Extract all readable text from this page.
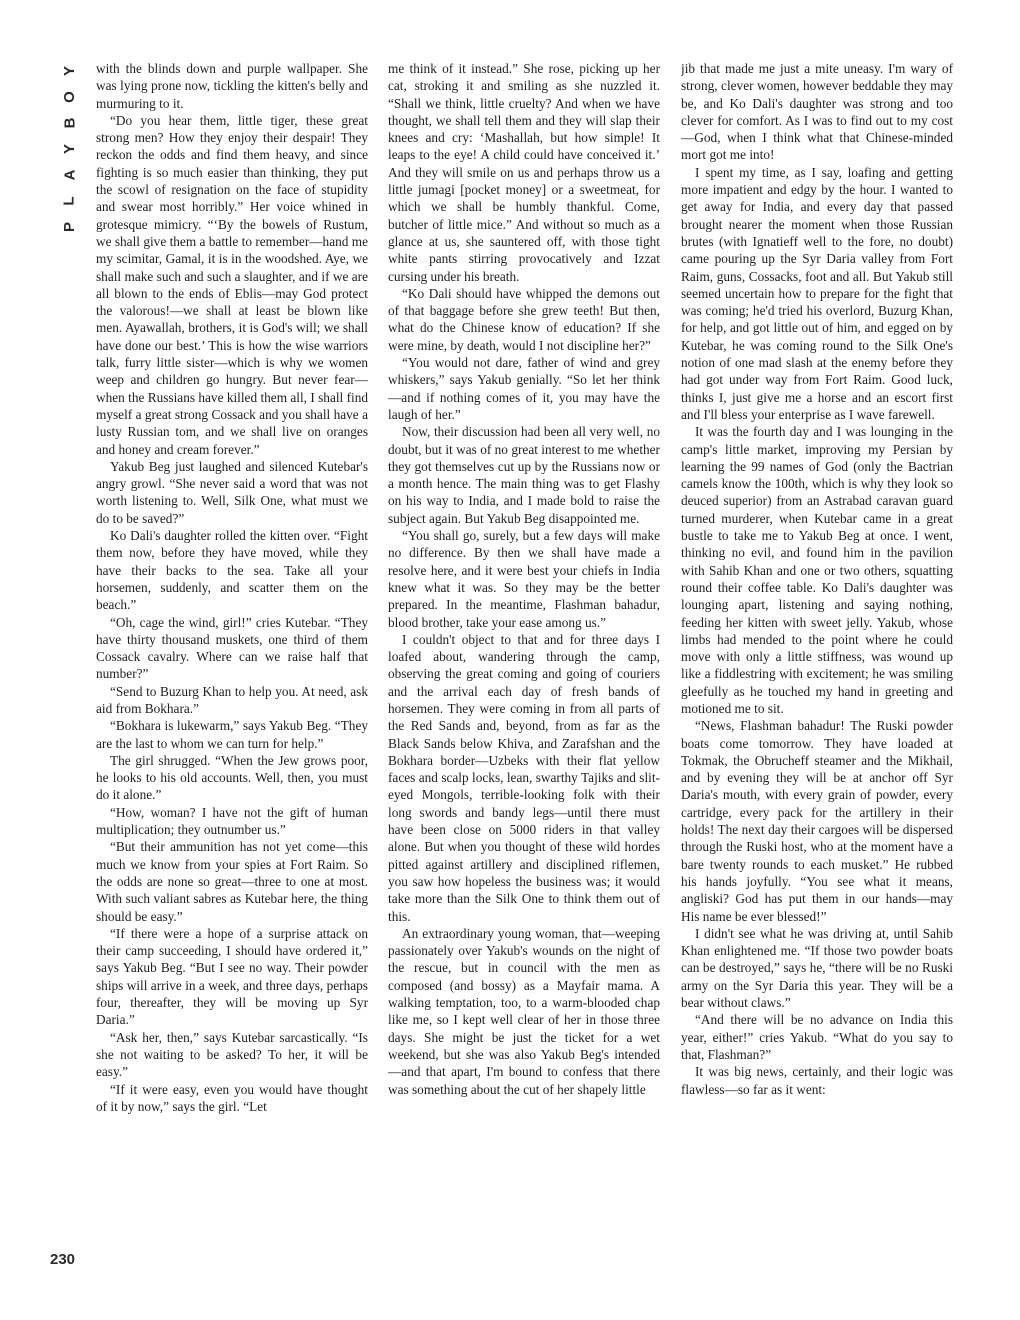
Y
O
B
Y
A
L
P
230

with the blinds down and purple wallpaper. She was lying prone now, tickling the kitten's belly and murmuring to it.

“Do you hear them, little tiger, these great strong men? How they enjoy their despair! They reckon the odds and find them heavy, and since fighting is so much easier than thinking, they put the scowl of resignation on the face of stupidity and swear most horribly.” Her voice whined in grotesque mimicry. “‘By the bowels of Rustum, we shall give them a battle to remember—hand me my scimitar, Gamal, it is in the woodshed. Aye, we shall make such and such a slaughter, and if we are all blown to the ends of Eblis—may God protect the valorous!—we shall at least be blown like men. Ayawallah, brothers, it is God's will; we shall have done our best.’ This is how the wise warriors talk, furry little sister—which is why we women weep and children go hungry. But never fear—when the Russians have killed them all, I shall find myself a great strong Cossack and you shall have a lusty Russian tom, and we shall live on oranges and honey and cream forever.”

Yakub Beg just laughed and silenced Kutebar's angry growl. “She never said a word that was not worth listening to. Well, Silk One, what must we do to be saved?”

Ko Dali's daughter rolled the kitten over. “Fight them now, before they have moved, while they have their backs to the sea. Take all your horsemen, suddenly, and scatter them on the beach.”

“Oh, cage the wind, girl!” cries Kutebar. “They have thirty thousand muskets, one third of them Cossack cavalry. Where can we raise half that number?”

“Send to Buzurg Khan to help you. At need, ask aid from Bokhara.”

“Bokhara is lukewarm,” says Yakub Beg. “They are the last to whom we can turn for help.”

The girl shrugged. “When the Jew grows poor, he looks to his old accounts. Well, then, you must do it alone.”

“How, woman? I have not the gift of human multiplication; they outnumber us.”

“But their ammunition has not yet come—this much we know from your spies at Fort Raim. So the odds are none so great—three to one at most. With such valiant sabres as Kutebar here, the thing should be easy.”

“If there were a hope of a surprise attack on their camp succeeding, I should have ordered it,” says Yakub Beg. “But I see no way. Their powder ships will arrive in a week, and three days, perhaps four, thereafter, they will be moving up Syr Daria.”

“Ask her, then,” says Kutebar sarcastically. “Is she not waiting to be asked? To her, it will be easy.”

“If it were easy, even you would have thought of it by now,” says the girl. “Let

me think of it instead.” She rose, picking up her cat, stroking it and smiling as she nuzzled it. “Shall we think, little cruelty? And when we have thought, we shall tell them and they will slap their knees and cry: ‘Mashallah, but how simple! It leaps to the eye! A child could have conceived it.’ And they will smile on us and perhaps throw us a little jumagi [pocket money] or a sweetmeat, for which we shall be humbly thankful. Come, butcher of little mice.” And without so much as a glance at us, she sauntered off, with those tight white pants stirring provocatively and Izzat cursing under his breath.

“Ko Dali should have whipped the demons out of that baggage before she grew teeth! But then, what do the Chinese know of education? If she were mine, by death, would I not discipline her?”

“You would not dare, father of wind and grey whiskers,” says Yakub genially. “So let her think—and if nothing comes of it, you may have the laugh of her.”

Now, their discussion had been all very well, no doubt, but it was of no great interest to me whether they got themselves cut up by the Russians now or a month hence. The main thing was to get Flashy on his way to India, and I made bold to raise the subject again. But Yakub Beg disappointed me.

“You shall go, surely, but a few days will make no difference. By then we shall have made a resolve here, and it were best your chiefs in India knew what it was. So they may be the better prepared. In the meantime, Flashman bahadur, blood brother, take your ease among us.”

I couldn't object to that and for three days I loafed about, wandering through the camp, observing the great coming and going of couriers and the arrival each day of fresh bands of horsemen. They were coming in from all parts of the Red Sands and, beyond, from as far as the Black Sands below Khiva, and Zarafshan and the Bokhara border—Uzbeks with their flat yellow faces and scalp locks, lean, swarthy Tajiks and slit-eyed Mongols, terrible-looking folk with their long swords and bandy legs—until there must have been close on 5000 riders in that valley alone. But when you thought of these wild hordes pitted against artillery and disciplined riflemen, you saw how hopeless the business was; it would take more than the Silk One to think them out of this.

An extraordinary young woman, that—weeping passionately over Yakub's wounds on the night of the rescue, but in council with the men as composed (and bossy) as a Mayfair mama. A walking temptation, too, to a warm-blooded chap like me, so I kept well clear of her in those three days. She might be just the ticket for a wet weekend, but she was also Yakub Beg's intended—and that apart, I'm bound to confess that there was something about the cut of her shapely little

jib that made me just a mite uneasy. I'm wary of strong, clever women, however beddable they may be, and Ko Dali's daughter was strong and too clever for comfort. As I was to find out to my cost—God, when I think what that Chinese-minded mort got me into!

I spent my time, as I say, loafing and getting more impatient and edgy by the hour. I wanted to get away for India, and every day that passed brought nearer the moment when those Russian brutes (with Ignatieff well to the fore, no doubt) came pouring up the Syr Daria valley from Fort Raim, guns, Cossacks, foot and all. But Yakub still seemed uncertain how to prepare for the fight that was coming; he'd tried his overlord, Buzurg Khan, for help, and got little out of him, and egged on by Kutebar, he was coming round to the Silk One's notion of one mad slash at the enemy before they had got under way from Fort Raim. Good luck, thinks I, just give me a horse and an escort first and I'll bless your enterprise as I wave farewell.

It was the fourth day and I was lounging in the camp's little market, improving my Persian by learning the 99 names of God (only the Bactrian camels know the 100th, which is why they look so deuced superior) from an Astrabad caravan guard turned murderer, when Kutebar came in a great bustle to take me to Yakub Beg at once. I went, thinking no evil, and found him in the pavilion with Sahib Khan and one or two others, squatting round their coffee table. Ko Dali's daughter was lounging apart, listening and saying nothing, feeding her kitten with sweet jelly. Yakub, whose limbs had mended to the point where he could move with only a little stiffness, was wound up like a fiddlestring with excitement; he was smiling gleefully as he touched my hand in greeting and motioned me to sit.

“News, Flashman bahadur! The Ruski powder boats come tomorrow. They have loaded at Tokmak, the Obrucheff steamer and the Mikhail, and by evening they will be at anchor off Syr Daria's mouth, with every grain of powder, every cartridge, every pack for the artillery in their holds! The next day their cargoes will be dispersed through the Ruski host, who at the moment have a bare twenty rounds to each musket.” He rubbed his hands joyfully. “You see what it means, angliski? God has put them in our hands—may His name be ever blessed!”

I didn't see what he was driving at, until Sahib Khan enlightened me. “If those two powder boats can be destroyed,” says he, “there will be no Ruski army on the Syr Daria this year. They will be a bear without claws.”

“And there will be no advance on India this year, either!” cries Yakub. “What do you say to that, Flashman?”

It was big news, certainly, and their logic was flawless—so far as it went:
